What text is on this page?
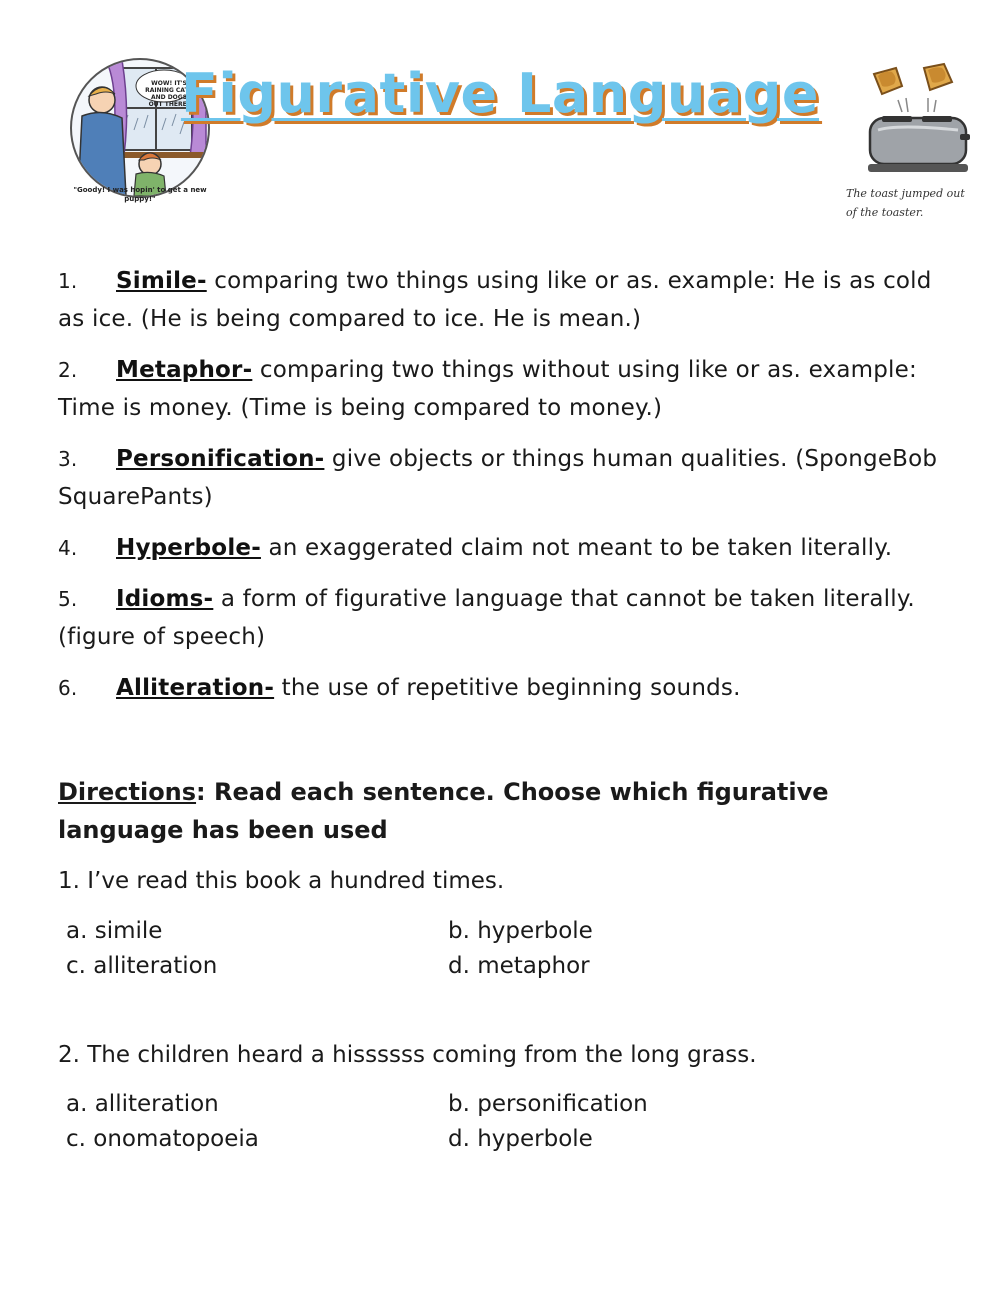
WOW! IT'S RAINING CATS AND DOGS OUT THERE!
"Goody! I was hopin' to get a new puppy!"
Figurative Language
The toast jumped out
of the toaster.
1. Simile- comparing two things using like or as. example: He is as cold as ice. (He is being compared to ice. He is mean.)
2. Metaphor- comparing two things without using like or as. example: Time is money. (Time is being compared to money.)
3. Personification- give objects or things human qualities. (SpongeBob SquarePants)
4. Hyperbole- an exaggerated claim not meant to be taken literally.
5. Idioms- a form of figurative language that cannot be taken literally. (figure of speech)
6. Alliteration- the use of repetitive beginning sounds.
Directions: Read each sentence. Choose which figurative language has been used
1. I’ve read this book a hundred times.
a. simile	b. hyperbole
c. alliteration	d. metaphor
2. The children heard a hissssss coming from the long grass.
a. alliteration	b. personification
c. onomatopoeia	d. hyperbole
